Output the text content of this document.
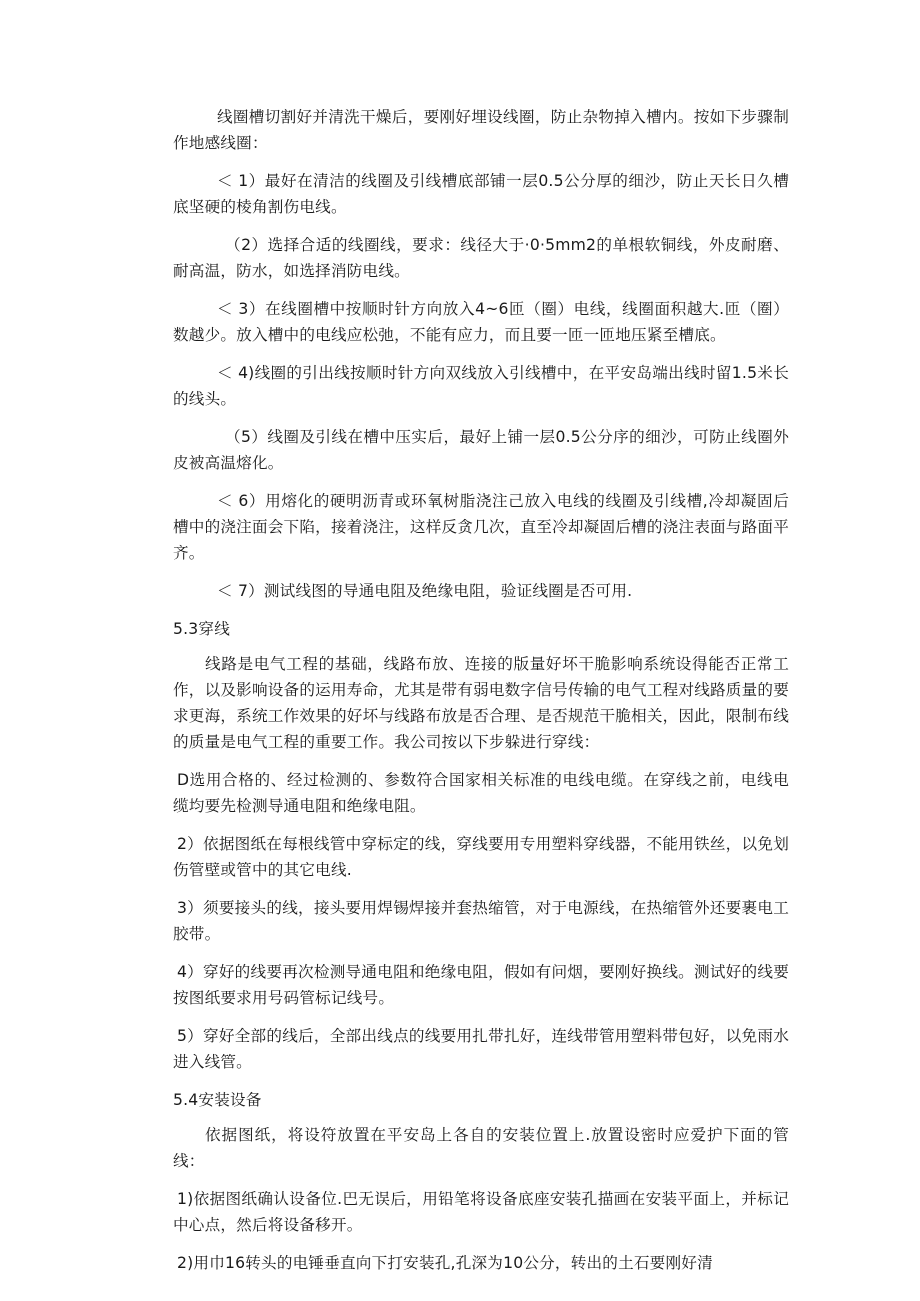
线圈槽切割好并清洗干燥后，要刚好埋设线圈，防止杂物掉入槽内。按如下步骤制作地感线圈：

＜ 1）最好在清洁的线圈及引线槽底部铺一层0.5公分厚的细沙，防止天长日久槽底坚硬的棱角割伤电线。

（2）选择合适的线圈线，要求：线径大于·0·5mm2的单根软铜线，外皮耐磨、耐高温，防水，如选择消防电线。

＜ 3）在线圈槽中按顺时针方向放入4~6匝（圈）电线，线圈面积越大.匝（圈）数越少。放入槽中的电线应松弛，不能有应力，而且要一匝一匝地压紧至槽底。

＜ 4)线圈的引出线按顺时针方向双线放入引线槽中，在平安岛端出线时留1.5米长的线头。

（5）线圈及引线在槽中压实后，最好上铺一层0.5公分序的细沙，可防止线圈外皮被高温熔化。

＜ 6）用熔化的硬明沥青或环氧树脂浇注己放入电线的线圈及引线槽,冷却凝固后槽中的浇注面会下陷，接着浇注，这样反贪几次，直至冷却凝固后槽的浇注表面与路面平齐。

＜ 7）测试线图的导通电阻及绝缘电阻，验证线圈是否可用.

5.3穿线

线路是电气工程的基础，线路布放、连接的版量好坏干脆影响系统设得能否正常工作，以及影响设备的运用寿命，尤其是带有弱电数字信号传输的电气工程对线路质量的要求更海，系统工作效果的好坏与线路布放是否合理、是否规范干脆相关，因此，限制布线的质量是电气工程的重要工作。我公司按以下步躲进行穿线：

D选用合格的、经过检测的、参数符合国家相关标准的电线电缆。在穿线之前，电线电缆均要先检测导通电阻和绝缘电阻。

2）依据图纸在每根线管中穿标定的线，穿线要用专用塑料穿线器，不能用铁丝，以免划伤管壁或管中的其它电线.

3）须要接头的线，接头要用焊锡焊接并套热缩管，对于电源线，在热缩管外还要裹电工胶带。

4）穿好的线要再次检测导通电阻和绝缘电阻，假如有问烟，要刚好换线。测试好的线要按图纸要求用号码管标记线号。

5）穿好全部的线后，全部出线点的线要用扎带扎好，连线带管用塑料带包好，以免雨水进入线管。

5.4安装设备

依据图纸，将设符放置在平安岛上各自的安装位置上.放置设密时应爱护下面的管线：

1)依据图纸确认设备位.巴无误后，用铅笔将设备底座安装孔描画在安装平面上，并标记中心点，然后将设备移开。

2)用巾16转头的电锤垂直向下打安装孔,孔深为10公分，转出的土石要刚好清
